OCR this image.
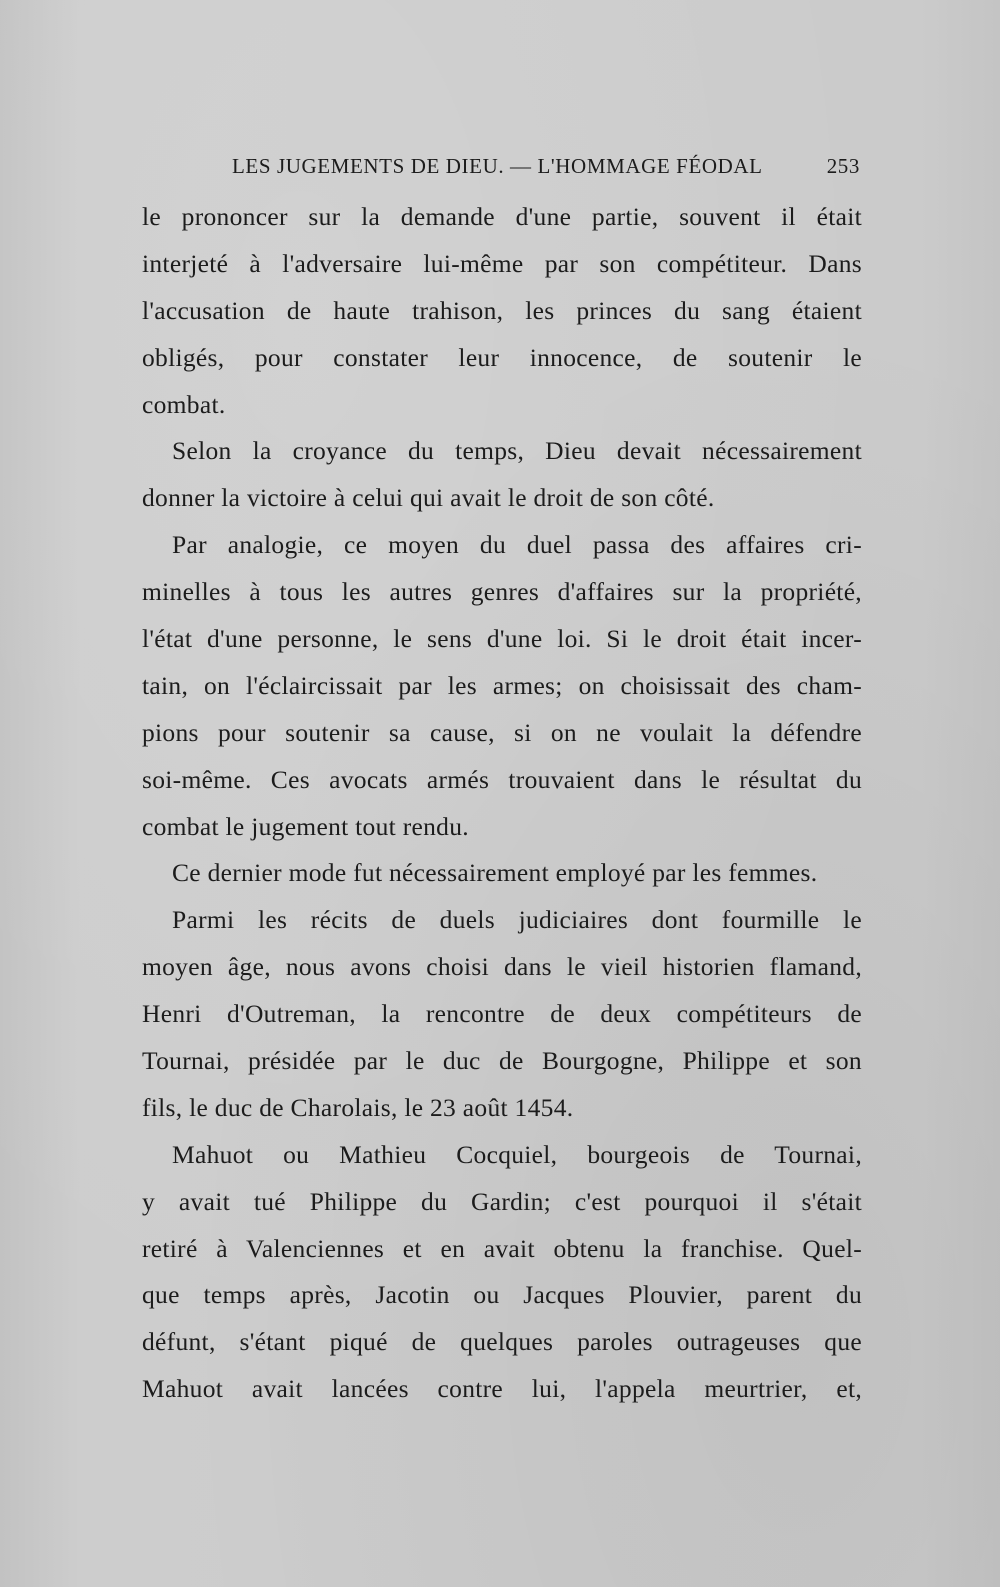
LES JUGEMENTS DE DIEU. — L'HOMMAGE FÉODAL	253
le prononcer sur la demande d'une partie, souvent il était
interjeté à l'adversaire lui-même par son compétiteur. Dans
l'accusation de haute trahison, les princes du sang étaient
obligés, pour constater leur innocence, de soutenir le
combat.
Selon la croyance du temps, Dieu devait nécessairement
donner la victoire à celui qui avait le droit de son côté.
Par analogie, ce moyen du duel passa des affaires cri-
minelles à tous les autres genres d'affaires sur la propriété,
l'état d'une personne, le sens d'une loi. Si le droit était incer-
tain, on l'éclaircissait par les armes; on choisissait des cham-
pions pour soutenir sa cause, si on ne voulait la défendre
soi-même. Ces avocats armés trouvaient dans le résultat du
combat le jugement tout rendu.
Ce dernier mode fut nécessairement employé par les femmes.
Parmi les récits de duels judiciaires dont fourmille le
moyen âge, nous avons choisi dans le vieil historien flamand,
Henri d'Outreman, la rencontre de deux compétiteurs de
Tournai, présidée par le duc de Bourgogne, Philippe et son
fils, le duc de Charolais, le 23 août 1454.
Mahuot ou Mathieu Cocquiel, bourgeois de Tournai,
y avait tué Philippe du Gardin; c'est pourquoi il s'était
retiré à Valenciennes et en avait obtenu la franchise. Quel-
que temps après, Jacotin ou Jacques Plouvier, parent du
défunt, s'étant piqué de quelques paroles outrageuses que
Mahuot avait lancées contre lui, l'appela meurtrier, et,
